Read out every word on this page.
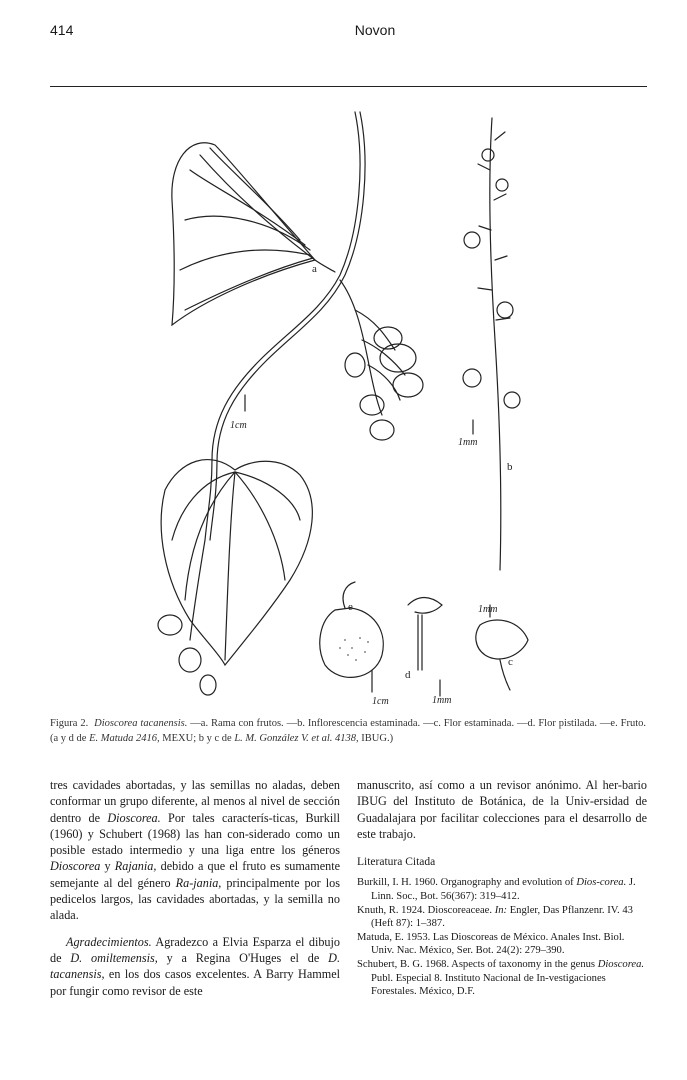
414	Novon
a
b
c
d
e
1cm
1mm
1mm
1mm
1cm
Figura 2. Dioscorea tacanensis. —a. Rama con frutos. —b. Inflorescencia estaminada. —c. Flor estaminada. —d. Flor pistilada. —e. Fruto. (a y d de E. Matuda 2416, MEXU; b y c de L. M. González V. et al. 4138, IBUG.)

tres cavidades abortadas, y las semillas no aladas, deben conformar un grupo diferente, al menos al nivel de sección dentro de Dioscorea. Por tales caracterís-ticas, Burkill (1960) y Schubert (1968) las han con-siderado como un posible estado intermedio y una liga entre los géneros Dioscorea y Rajania, debido a que el fruto es sumamente semejante al del género Ra-jania, principalmente por los pedicelos largos, las cavidades abortadas, y la semilla no alada.

Agradecimientos. Agradezco a Elvia Esparza el dibujo de D. omiltemensis, y a Regina O'Huges el de D. tacanensis, en los dos casos excelentes. A Barry Hammel por fungir como revisor de este

manuscrito, así como a un revisor anónimo. Al her-bario IBUG del Instituto de Botánica, de la Univ-ersidad de Guadalajara por facilitar colecciones para el desarrollo de este trabajo.

Literatura Citada

Burkill, I. H. 1960. Organography and evolution of Dios-corea. J. Linn. Soc., Bot. 56(367): 319–412.

Knuth, R. 1924. Dioscoreaceae. In: Engler, Das Pflanzenr. IV. 43 (Heft 87): 1–387.

Matuda, E. 1953. Las Dioscoreas de México. Anales Inst. Biol. Univ. Nac. México, Ser. Bot. 24(2): 279–390.

Schubert, B. G. 1968. Aspects of taxonomy in the genus Dioscorea. Publ. Especial 8. Instituto Nacional de In-vestigaciones Forestales. México, D.F.
